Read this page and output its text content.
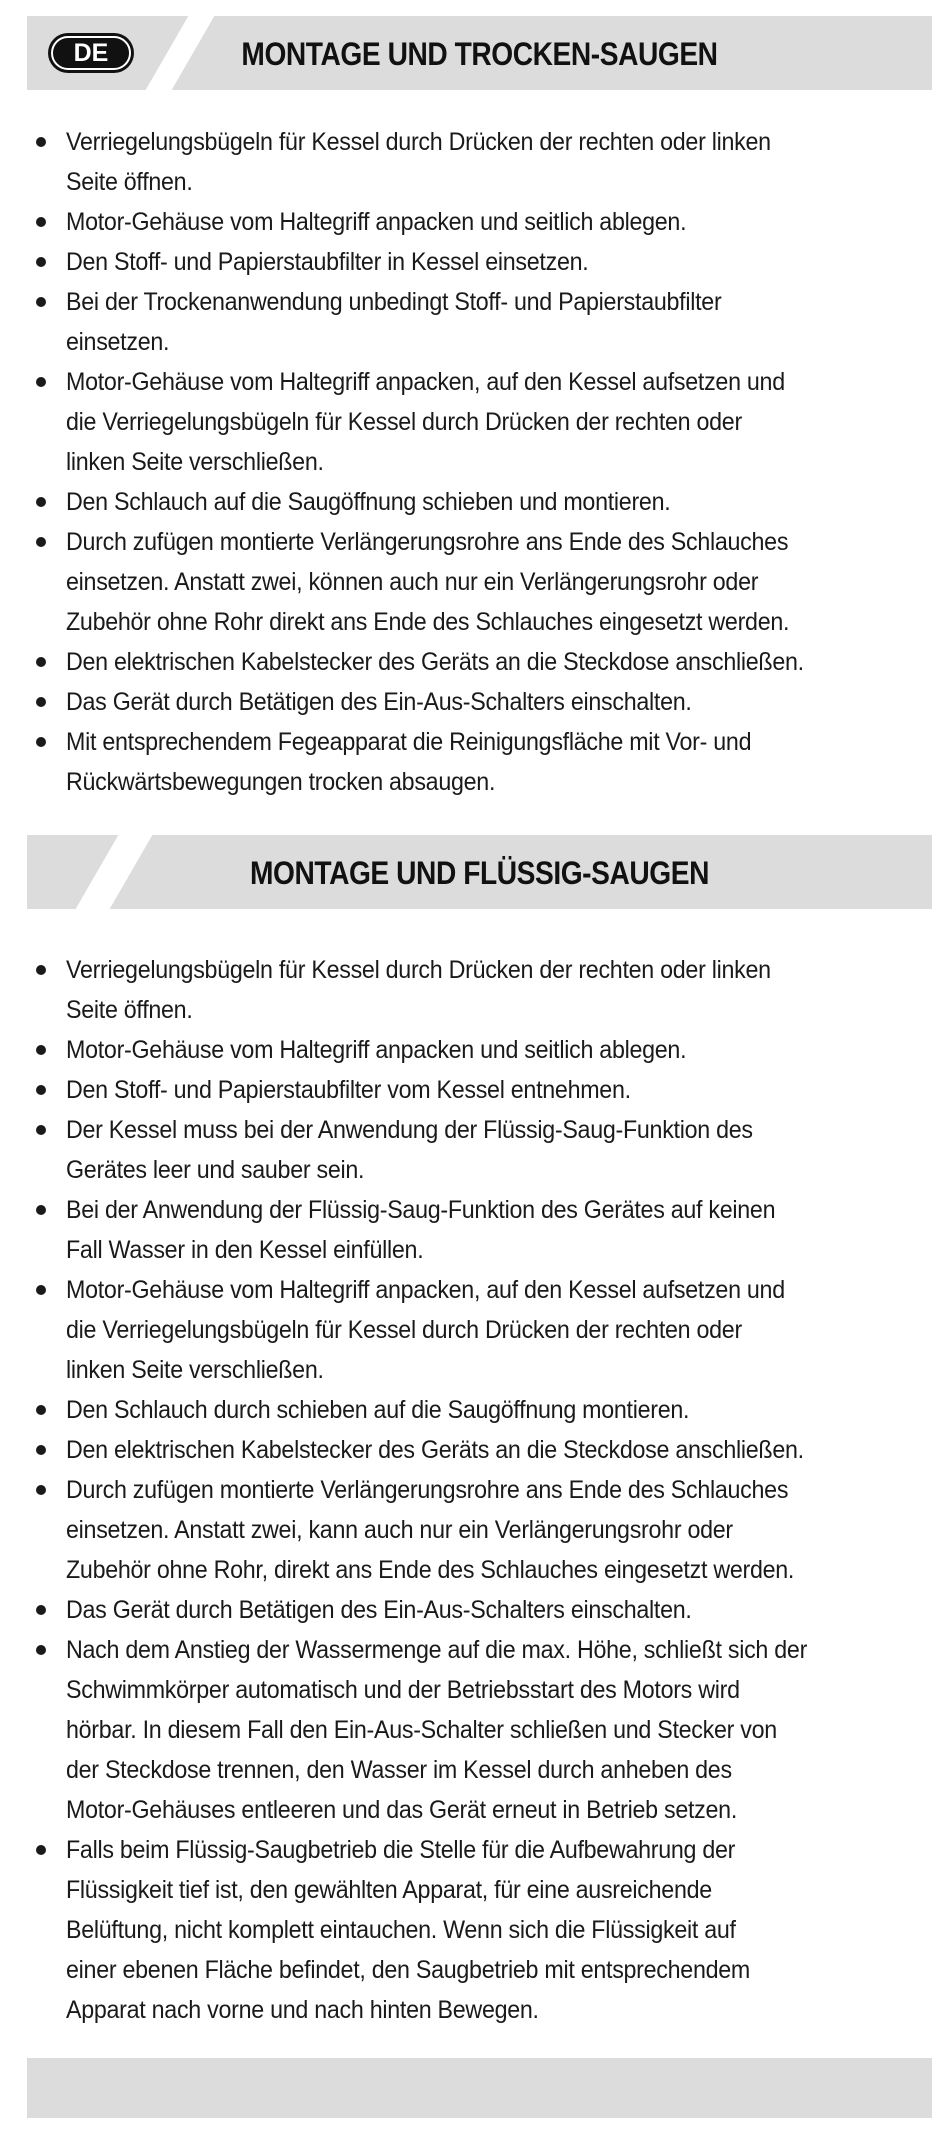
MONTAGE UND TROCKEN-SAUGEN
DE
Verriegelungsbügeln für Kessel durch Drücken der rechten oder linken
Seite öffnen.
Motor-Gehäuse vom Haltegriff anpacken und seitlich ablegen.
Den Stoff- und Papierstaubfilter in Kessel einsetzen.
Bei der Trockenanwendung unbedingt Stoff- und Papierstaubfilter
einsetzen.
Motor-Gehäuse vom Haltegriff anpacken, auf den Kessel aufsetzen und
die Verriegelungsbügeln für Kessel durch Drücken der rechten oder
linken Seite verschließen.
Den Schlauch auf die Saugöffnung schieben und montieren.
Durch zufügen montierte Verlängerungsrohre ans Ende des Schlauches
einsetzen. Anstatt zwei, können auch nur ein Verlängerungsrohr oder
Zubehör ohne Rohr direkt ans Ende des Schlauches eingesetzt werden.
Den elektrischen Kabelstecker des Geräts an die Steckdose anschließen.
Das Gerät durch Betätigen des Ein-Aus-Schalters einschalten.
Mit entsprechendem Fegeapparat die Reinigungsfläche mit Vor- und
Rückwärtsbewegungen trocken absaugen.
MONTAGE UND FLÜSSIG-SAUGEN
Verriegelungsbügeln für Kessel durch Drücken der rechten oder linken
Seite öffnen.
Motor-Gehäuse vom Haltegriff anpacken und seitlich ablegen.
Den Stoff- und Papierstaubfilter vom Kessel entnehmen.
Der Kessel muss bei der Anwendung der Flüssig-Saug-Funktion des
Gerätes leer und sauber sein.
Bei der Anwendung der Flüssig-Saug-Funktion des Gerätes auf keinen
Fall Wasser in den Kessel einfüllen.
Motor-Gehäuse vom Haltegriff anpacken, auf den Kessel aufsetzen und
die Verriegelungsbügeln für Kessel durch Drücken der rechten oder
linken Seite verschließen.
Den Schlauch durch schieben auf die Saugöffnung montieren.
Den elektrischen Kabelstecker des Geräts an die Steckdose anschließen.
Durch zufügen montierte Verlängerungsrohre ans Ende des Schlauches
einsetzen. Anstatt zwei, kann auch nur ein Verlängerungsrohr oder
Zubehör ohne Rohr, direkt ans Ende des Schlauches eingesetzt werden.
Das Gerät durch Betätigen des Ein-Aus-Schalters einschalten.
Nach dem Anstieg der Wassermenge auf die max. Höhe, schließt sich der
Schwimmkörper automatisch und der Betriebsstart des Motors wird
hörbar. In diesem Fall den Ein-Aus-Schalter schließen und Stecker von
der Steckdose trennen, den Wasser im Kessel durch anheben des
Motor-Gehäuses entleeren und das Gerät erneut in Betrieb setzen.
Falls beim Flüssig-Saugbetrieb die Stelle für die Aufbewahrung der
Flüssigkeit tief ist, den gewählten Apparat, für eine ausreichende
Belüftung, nicht komplett eintauchen. Wenn sich die Flüssigkeit auf
einer ebenen Fläche befindet, den Saugbetrieb mit entsprechendem
Apparat nach vorne und nach hinten Bewegen.
